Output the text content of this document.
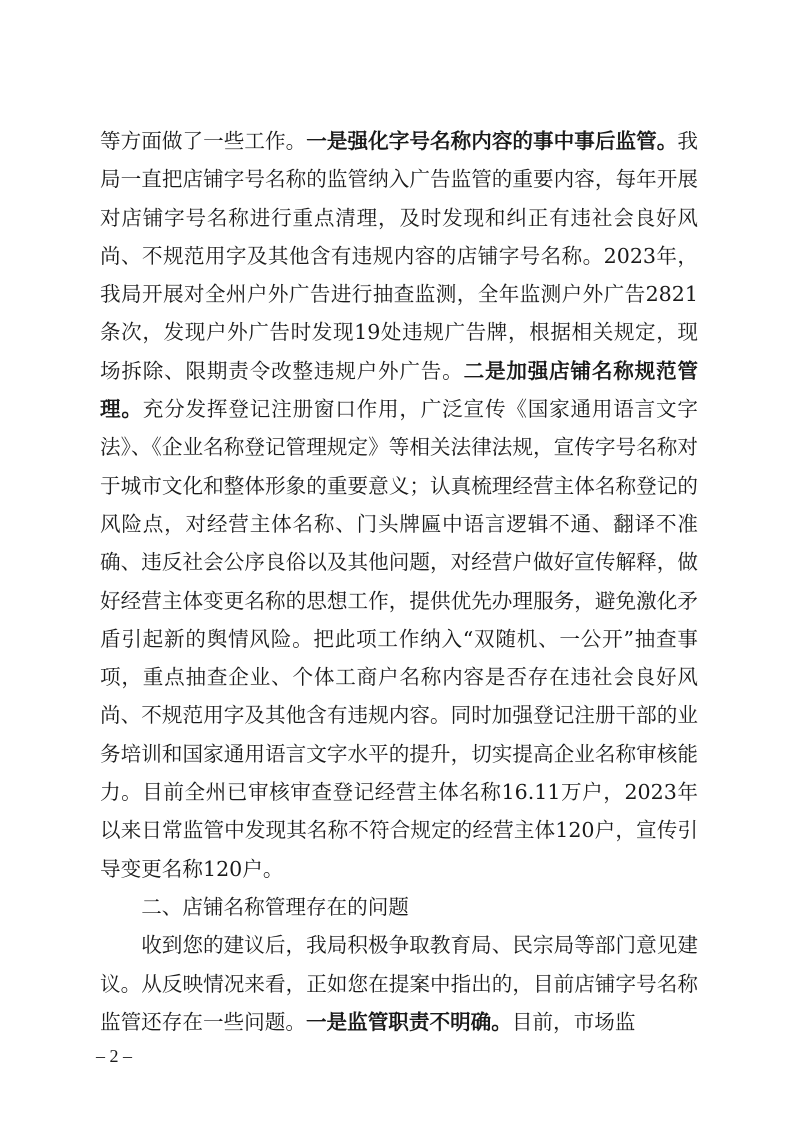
等方面做了一些工作。一是强化字号名称内容的事中事后监管。我局一直把店铺字号名称的监管纳入广告监管的重要内容，每年开展对店铺字号名称进行重点清理，及时发现和纠正有违社会良好风尚、不规范用字及其他含有违规内容的店铺字号名称。2023年，我局开展对全州户外广告进行抽查监测，全年监测户外广告2821条次，发现户外广告时发现19处违规广告牌，根据相关规定，现场拆除、限期责令改整违规户外广告。二是加强店铺名称规范管理。充分发挥登记注册窗口作用，广泛宣传《国家通用语言文字法》、《企业名称登记管理规定》等相关法律法规，宣传字号名称对于城市文化和整体形象的重要意义；认真梳理经营主体名称登记的风险点，对经营主体名称、门头牌匾中语言逻辑不通、翻译不准确、违反社会公序良俗以及其他问题，对经营户做好宣传解释，做好经营主体变更名称的思想工作，提供优先办理服务，避免激化矛盾引起新的舆情风险。把此项工作纳入“双随机、一公开”抽查事项，重点抽查企业、个体工商户名称内容是否存在违社会良好风尚、不规范用字及其他含有违规内容。同时加强登记注册干部的业务培训和国家通用语言文字水平的提升，切实提高企业名称审核能力。目前全州已审核审查登记经营主体名称16.11万户，2023年以来日常监管中发现其名称不符合规定的经营主体120户，宣传引导变更名称120户。

二、店铺名称管理存在的问题

收到您的建议后，我局积极争取教育局、民宗局等部门意见建议。从反映情况来看，正如您在提案中指出的，目前店铺字号名称监管还存在一些问题。一是监管职责不明确。目前，市场监

– 2 –
